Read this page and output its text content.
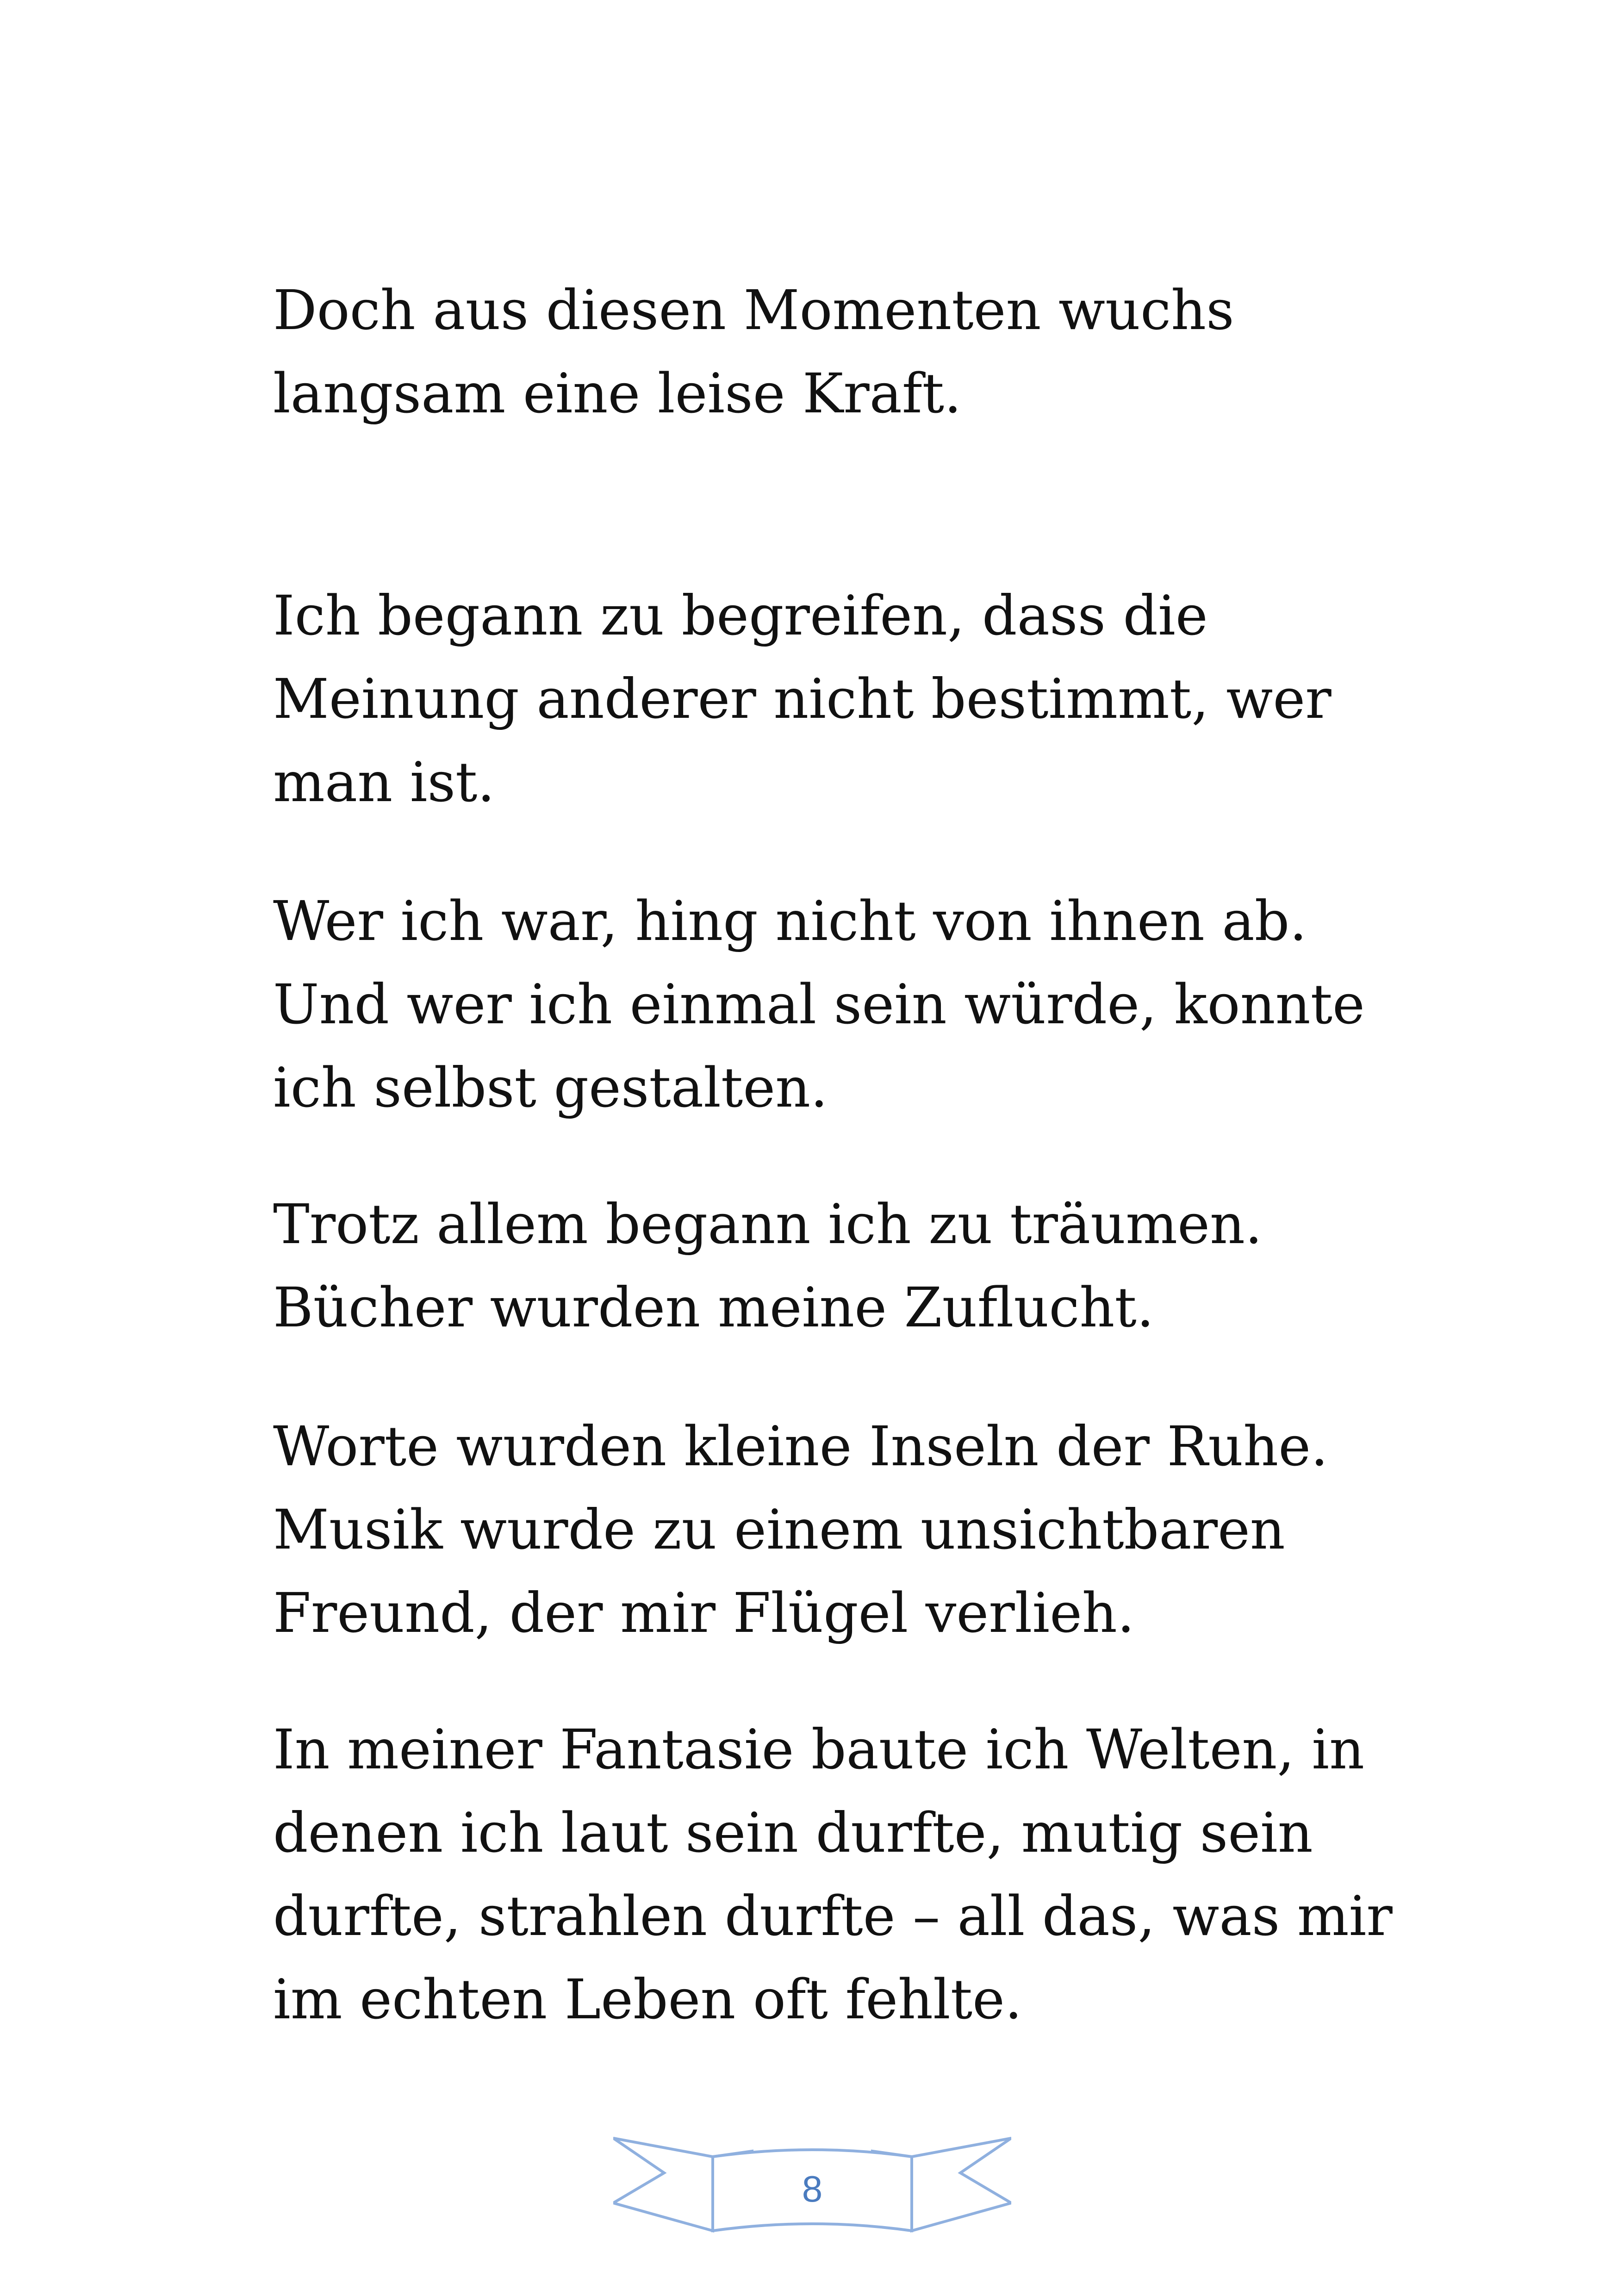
Doch aus diesen Momenten wuchs
langsam eine leise Kraft.
Ich begann zu begreifen, dass die
Meinung anderer nicht bestimmt, wer
man ist.
Wer ich war, hing nicht von ihnen ab.
Und wer ich einmal sein würde, konnte
ich selbst gestalten.
Trotz allem begann ich zu träumen.
Bücher wurden meine Zuflucht.
Worte wurden kleine Inseln der Ruhe.
Musik wurde zu einem unsichtbaren
Freund, der mir Flügel verlieh.
In meiner Fantasie baute ich Welten, in
denen ich laut sein durfte, mutig sein
durfte, strahlen durfte – all das, was mir
im echten Leben oft fehlte.
8
